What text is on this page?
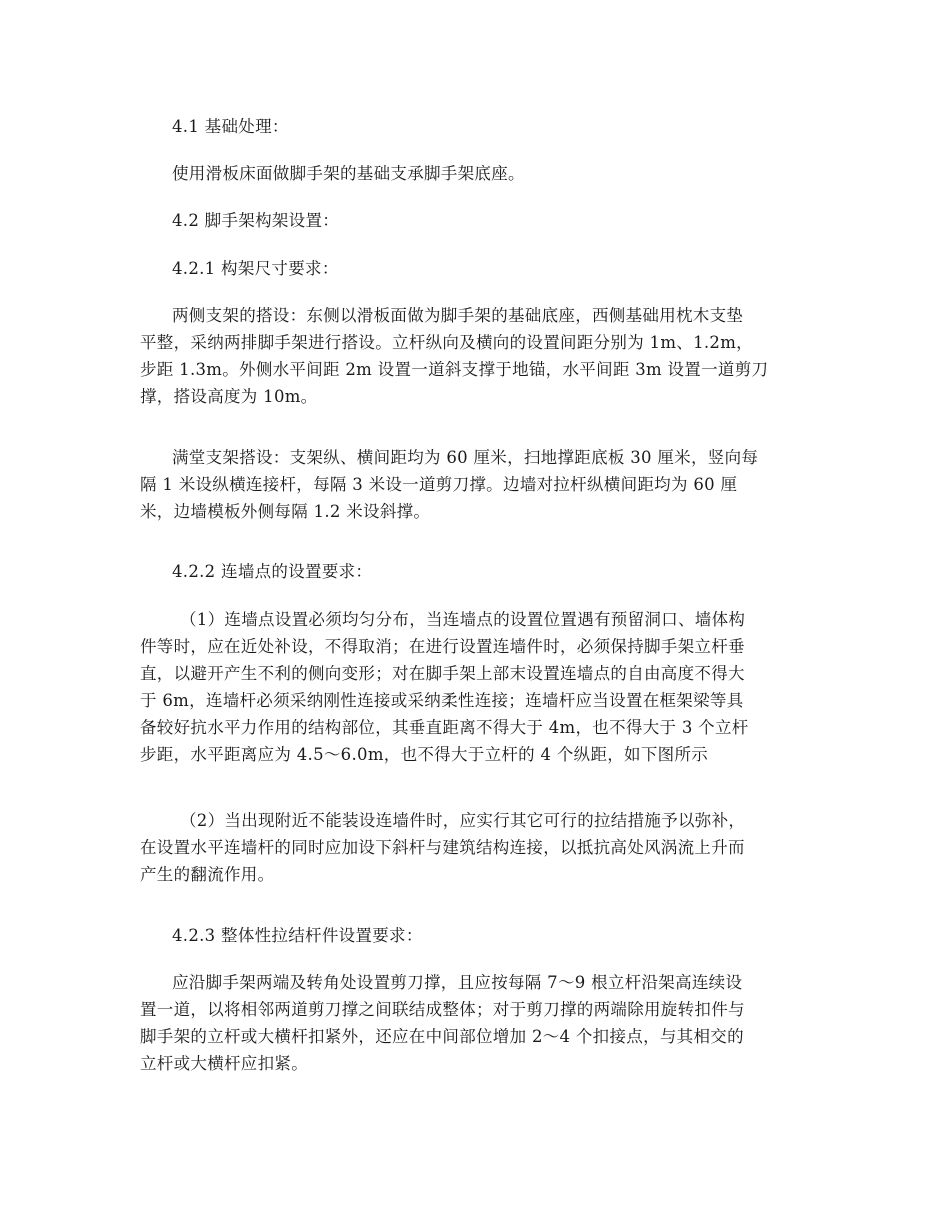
4.1 基础处理：

使用滑板床面做脚手架的基础支承脚手架底座。

4.2 脚手架构架设置：

4.2.1 构架尺寸要求：

两侧支架的搭设：东侧以滑板面做为脚手架的基础底座，西侧基础用枕木支垫
平整，采纳两排脚手架进行搭设。立杆纵向及横向的设置间距分别为 1m、1.2m，
步距 1.3m。外侧水平间距 2m 设置一道斜支撑于地锚，水平间距 3m 设置一道剪刀
撑，搭设高度为 10m。

满堂支架搭设：支架纵、横间距均为 60 厘米，扫地撑距底板 30 厘米，竖向每
隔 1 米设纵横连接杆，每隔 3 米设一道剪刀撑。边墙对拉杆纵横间距均为 60 厘
米，边墙模板外侧每隔 1.2 米设斜撑。

4.2.2 连墙点的设置要求：

（1）连墙点设置必须均匀分布，当连墙点的设置位置遇有预留洞口、墙体构
件等时，应在近处补设，不得取消；在进行设置连墙件时，必须保持脚手架立杆垂
直，以避开产生不利的侧向变形；对在脚手架上部末设置连墙点的自由高度不得大
于 6m，连墙杆必须采纳刚性连接或采纳柔性连接；连墙杆应当设置在框架梁等具
备较好抗水平力作用的结构部位，其垂直距离不得大于 4m，也不得大于 3 个立杆
步距，水平距离应为 4.5～6.0m，也不得大于立杆的 4 个纵距，如下图所示

（2）当出现附近不能装设连墙件时，应实行其它可行的拉结措施予以弥补，
在设置水平连墙杆的同时应加设下斜杆与建筑结构连接，以抵抗高处风涡流上升而
产生的翻流作用。

4.2.3 整体性拉结杆件设置要求：

应沿脚手架两端及转角处设置剪刀撑，且应按每隔 7～9 根立杆沿架高连续设
置一道，以将相邻两道剪刀撑之间联结成整体；对于剪刀撑的两端除用旋转扣件与
脚手架的立杆或大横杆扣紧外，还应在中间部位增加 2～4 个扣接点，与其相交的
立杆或大横杆应扣紧。
